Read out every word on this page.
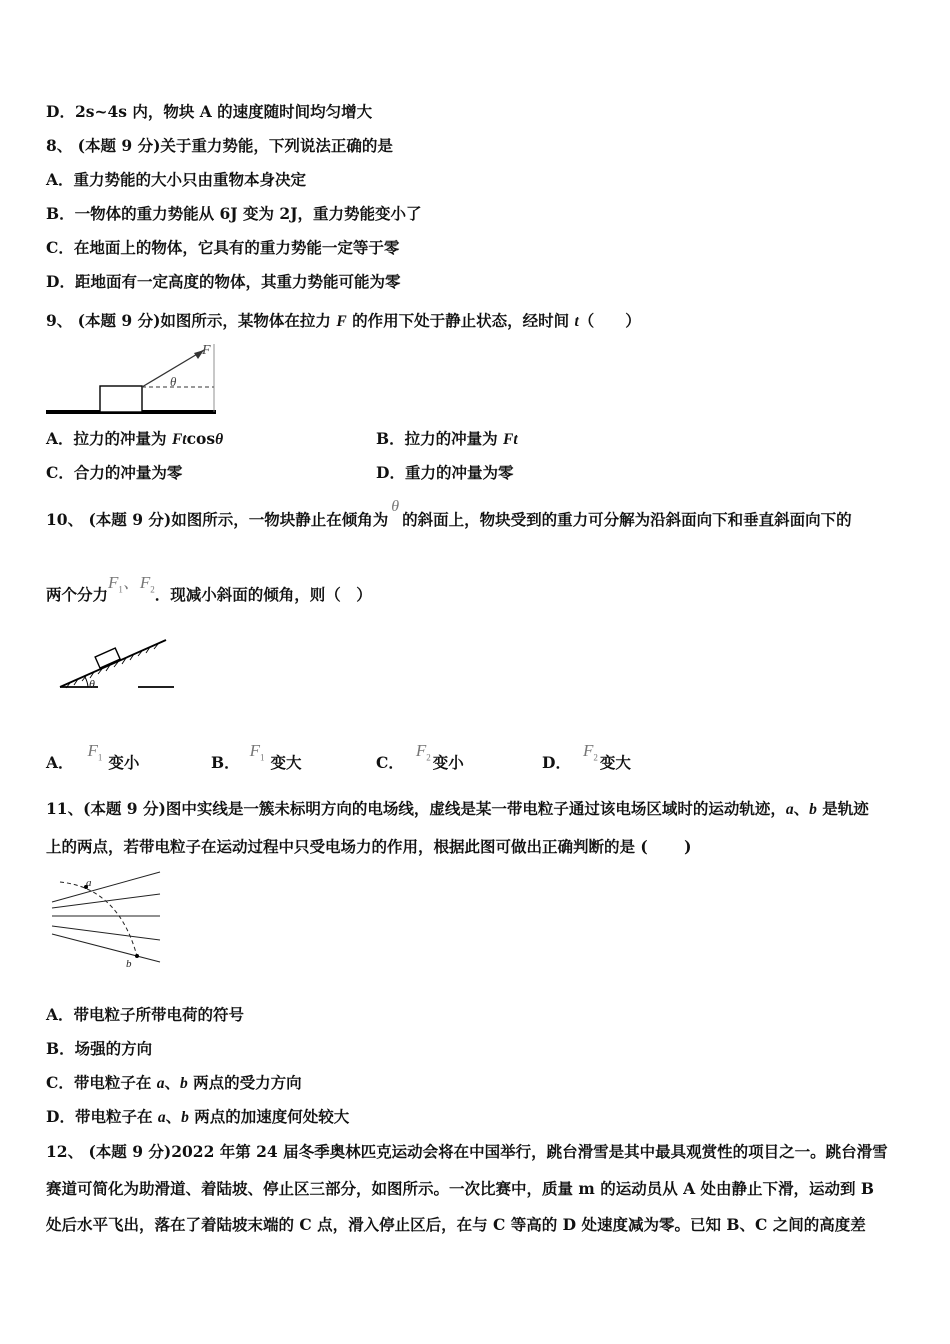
D．2s~4s 内，物块 A 的速度随时间均匀增大
8、 (本题 9 分)关于重力势能，下列说法正确的是
A．重力势能的大小只由重物本身决定
B．一物体的重力势能从 6J 变为 2J，重力势能变小了
C．在地面上的物体，它具有的重力势能一定等于零
D．距地面有一定高度的物体，其重力势能可能为零
9、 (本题 9 分)如图所示，某物体在拉力 F 的作用下处于静止状态，经时间 t（　　）
F
θ
A．拉力的冲量为 Ftcosθ	B．拉力的冲量为 Ft
C．合力的冲量为零	D．重力的冲量为零
10、 (本题 9 分)如图所示，一物块静止在倾角为θ的斜面上，物块受到的重力可分解为沿斜面向下和垂直斜面向下的
两个分力$F_1$、$F_2$．现减小斜面的倾角，则（　）
θ
A．$F_1$ 变小	B．$F_1$ 变大	C．$F_2$ 变小	D．$F_2$ 变大
11、(本题 9 分)图中实线是一簇未标明方向的电场线，虚线是某一带电粒子通过该电场区域时的运动轨迹，a、b 是轨迹
上的两点，若带电粒子在运动过程中只受电场力的作用，根据此图可做出正确判断的是 (　　 )
a
b
A．带电粒子所带电荷的符号
B．场强的方向
C．带电粒子在 a、b 两点的受力方向
D．带电粒子在 a、b 两点的加速度何处较大
12、 (本题 9 分)2022 年第 24 届冬季奥林匹克运动会将在中国举行，跳台滑雪是其中最具观赏性的项目之一。跳台滑雪
赛道可简化为助滑道、着陆坡、停止区三部分，如图所示。一次比赛中，质量 m 的运动员从 A 处由静止下滑，运动到 B
处后水平飞出，落在了着陆坡末端的 C 点，滑入停止区后，在与 C 等高的 D 处速度减为零。已知 B、C 之间的高度差
